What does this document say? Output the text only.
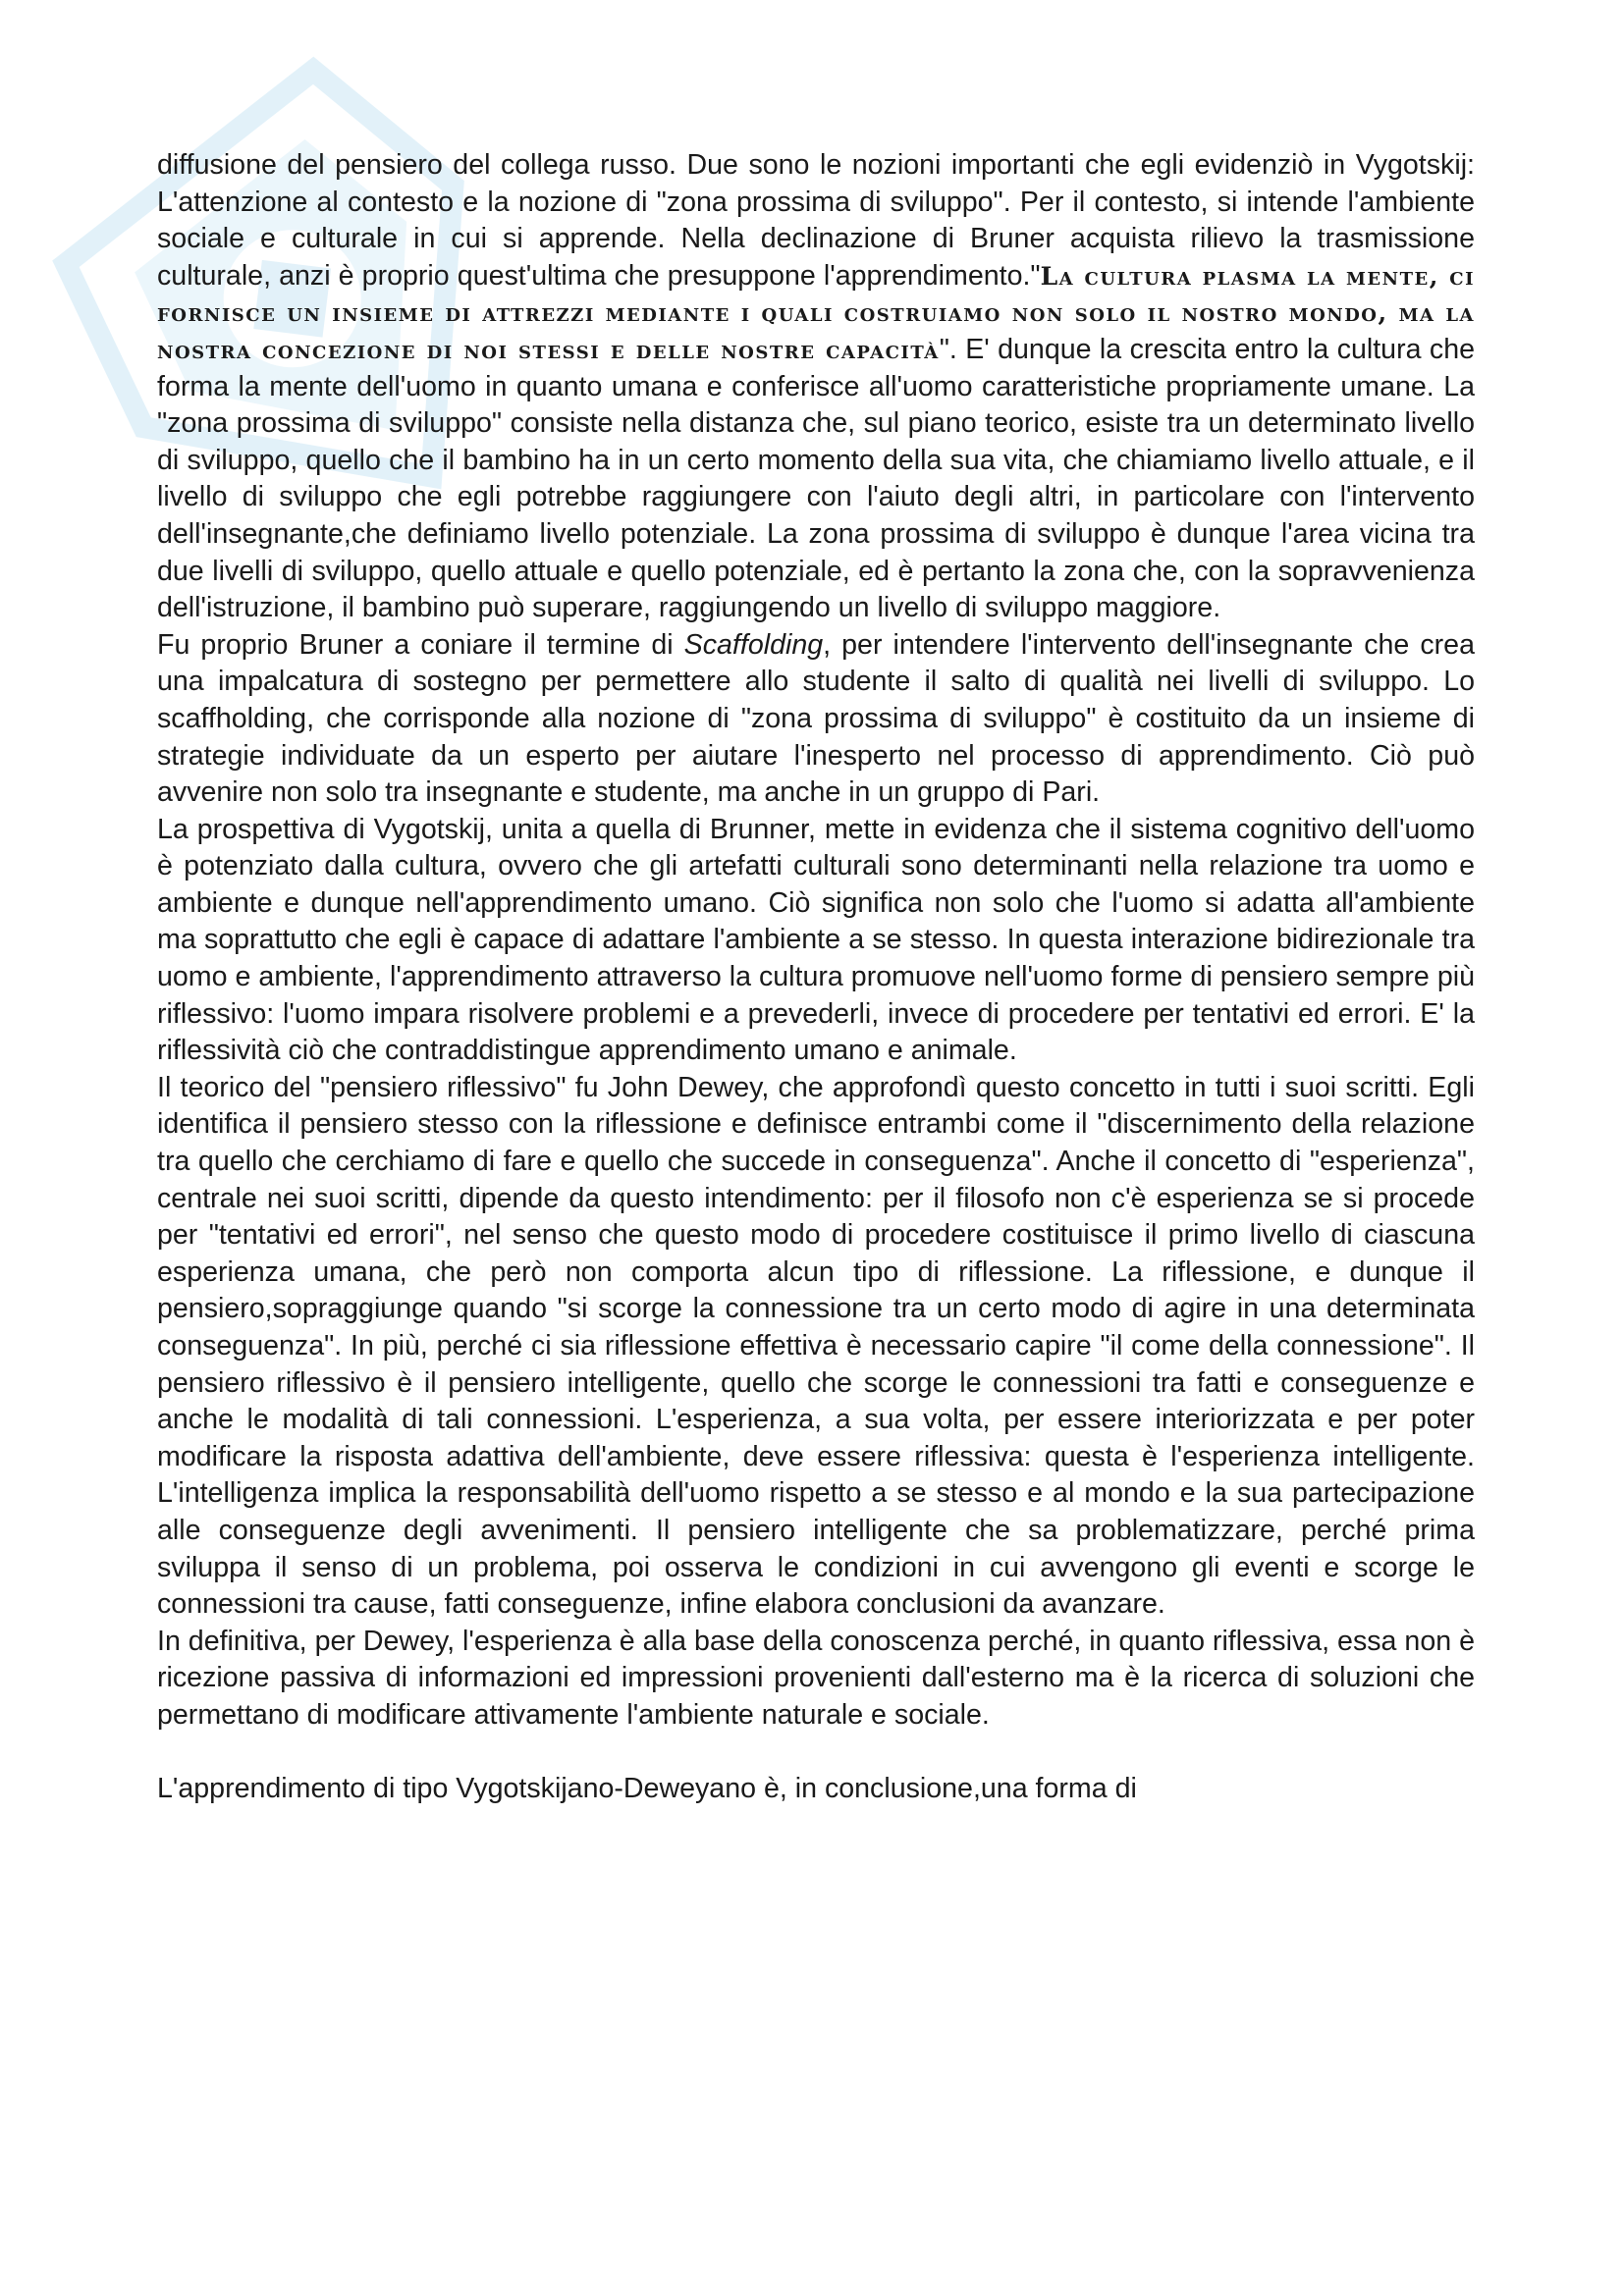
diffusione del pensiero del collega russo. Due sono le nozioni importanti che egli evidenziò in Vygotskij: L'attenzione al contesto e la nozione di "zona prossima di sviluppo". Per il contesto, si intende l'ambiente sociale e culturale in cui si apprende. Nella declinazione di Bruner acquista rilievo la trasmissione culturale, anzi è proprio quest'ultima che presuppone l'apprendimento."La cultura plasma la mente, ci fornisce un insieme di attrezzi mediante i quali costruiamo non solo il nostro mondo, ma la nostra concezione di noi stessi e delle nostre capacità". E' dunque la crescita entro la cultura che forma la mente dell'uomo in quanto umana e conferisce all'uomo caratteristiche propriamente umane. La "zona prossima di sviluppo" consiste nella distanza che, sul piano teorico, esiste tra un determinato livello di sviluppo, quello che il bambino ha in un certo momento della sua vita, che chiamiamo livello attuale, e il livello di sviluppo che egli potrebbe raggiungere con l'aiuto degli altri, in particolare con l'intervento dell'insegnante,che definiamo livello potenziale. La zona prossima di sviluppo è dunque l'area vicina tra due livelli di sviluppo, quello attuale e quello potenziale, ed è pertanto la zona che, con la sopravvenienza dell'istruzione, il bambino può superare, raggiungendo un livello di sviluppo maggiore.

Fu proprio Bruner a coniare il termine di Scaffolding, per intendere l'intervento dell'insegnante che crea una impalcatura di sostegno per permettere allo studente il salto di qualità nei livelli di sviluppo. Lo scaffholding, che corrisponde alla nozione di "zona prossima di sviluppo" è costituito da un insieme di strategie individuate da un esperto per aiutare l'inesperto nel processo di apprendimento. Ciò può avvenire non solo tra insegnante e studente, ma anche in un gruppo di Pari.

La prospettiva di Vygotskij, unita a quella di Brunner, mette in evidenza che il sistema cognitivo dell'uomo è potenziato dalla cultura, ovvero che gli artefatti culturali sono determinanti nella relazione tra uomo e ambiente e dunque nell'apprendimento umano. Ciò significa non solo che l'uomo si adatta all'ambiente ma soprattutto che egli è capace di adattare l'ambiente a se stesso. In questa interazione bidirezionale tra uomo e ambiente, l'apprendimento attraverso la cultura promuove nell'uomo forme di pensiero sempre più riflessivo: l'uomo impara risolvere problemi e a prevederli, invece di procedere per tentativi ed errori. E' la riflessività ciò che contraddistingue apprendimento umano e animale.

Il teorico del "pensiero riflessivo" fu John Dewey, che approfondì questo concetto in tutti i suoi scritti. Egli identifica il pensiero stesso con la riflessione e definisce entrambi come il "discernimento della relazione tra quello che cerchiamo di fare e quello che succede in conseguenza". Anche il concetto di "esperienza", centrale nei suoi scritti, dipende da questo intendimento: per il filosofo non c'è esperienza se si procede per "tentativi ed errori", nel senso che questo modo di procedere costituisce il primo livello di ciascuna esperienza umana, che però non comporta alcun tipo di riflessione. La riflessione, e dunque il pensiero,sopraggiunge quando "si scorge la connessione tra un certo modo di agire in una determinata conseguenza". In più, perché ci sia riflessione effettiva è necessario capire "il come della connessione". Il pensiero riflessivo è il pensiero intelligente, quello che scorge le connessioni tra fatti e conseguenze e anche le modalità di tali connessioni. L'esperienza, a sua volta, per essere interiorizzata e per poter modificare la risposta adattiva dell'ambiente, deve essere riflessiva: questa è l'esperienza intelligente. L'intelligenza implica la responsabilità dell'uomo rispetto a se stesso e al mondo e la sua partecipazione alle conseguenze degli avvenimenti. Il pensiero intelligente che sa problematizzare, perché prima sviluppa il senso di un problema, poi osserva le condizioni in cui avvengono gli eventi e scorge le connessioni tra cause, fatti conseguenze, infine elabora conclusioni da avanzare.

In definitiva, per Dewey, l'esperienza è alla base della conoscenza perché, in quanto riflessiva, essa non è ricezione passiva di informazioni ed impressioni provenienti dall'esterno ma è la ricerca di soluzioni che permettano di modificare attivamente l'ambiente naturale e sociale.

L'apprendimento di tipo Vygotskijano-Deweyano è, in conclusione,una forma di
